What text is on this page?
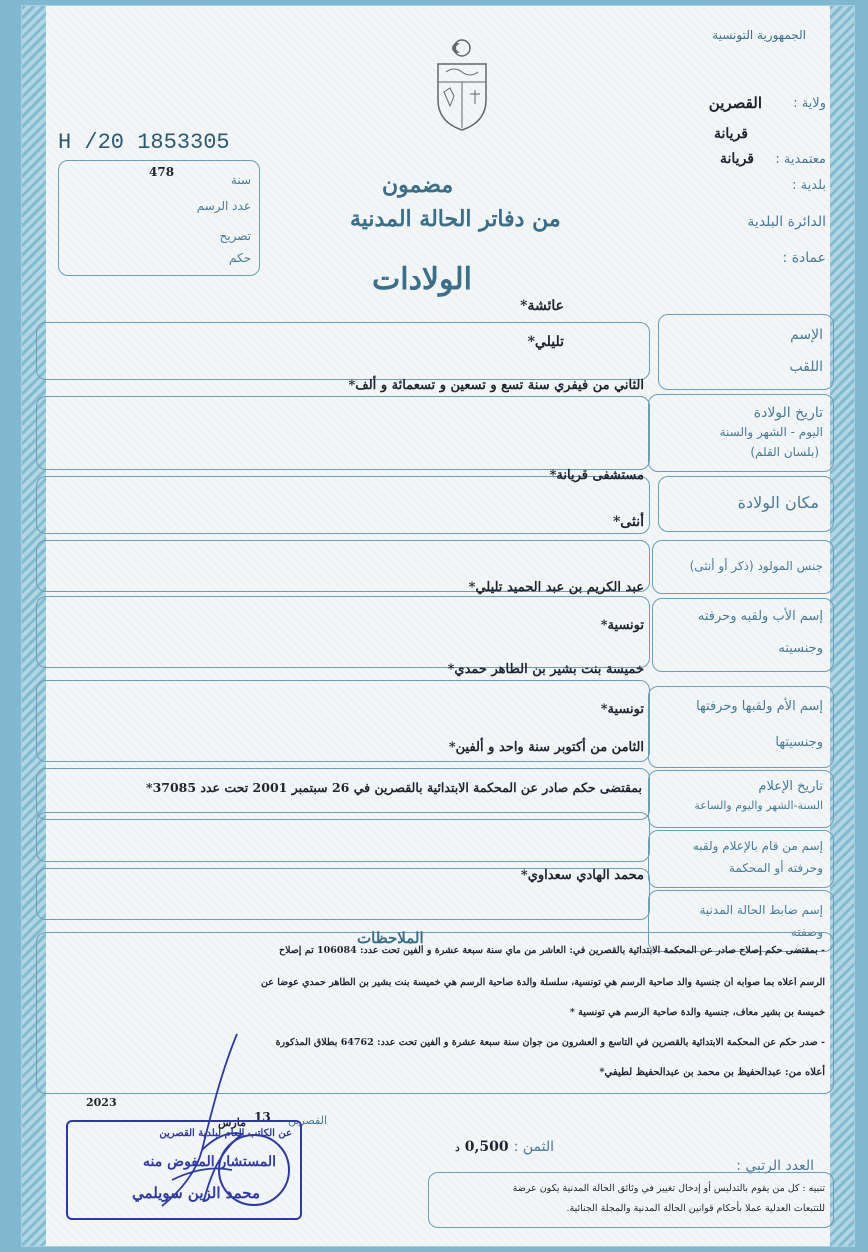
الجمهورية التونسية
ولاية :
القصرين
قريانة
معتمدية :
قريانة
بلدية :
الدائرة البلدية
عمادة :
H /20 1853305
478
سنة
عدد الرسم
تصريح
حكم
مضمون
من دفاتر الحالة المدنية
الولادات
الإسم
اللقب
تاريخ الولادة
اليوم - الشهر والسنة
(بلسان القلم)
مكان الولادة
جنس المولود (ذكر أو أنثى)
إسم الأب ولقبه وحرفته
وجنسيته
إسم الأم ولقبها وحرفتها
وجنسيتها
تاريخ الإعلام
السنة-الشهر واليوم والساعة
إسم من قام بالإعلام ولقبه
وحرفته أو المحكمة
إسم ضابط الحالة المدنية
وصفته
عائشة*
تليلي*
الثاني من فيفري سنة تسع و تسعين و تسعمائة و ألف*
مستشفى قريانة*
أنثى*
عبد الكريم بن عبد الحميد تليلي*
تونسية*
خميسة بنت بشير بن الطاهر حمدي*
تونسية*
الثامن من أكتوبر سنة واحد و ألفين*
بمقتضى حكم صادر عن المحكمة الابتدائية بالقصرين في 26 سبتمبر 2001 تحت عدد 37085*
محمد الهادي سعداوي*
الملاحظات
- بمقتضى حكم إصلاح صادر عن المحكمة الابتدائية بالقصرين في: العاشر من ماي سنة سبعة عشرة و ألفين تحت عدد: 106084 تم إصلاح
الرسم أعلاه بما صوابه أن جنسية والد صاحبة الرسم هي تونسية، سلسلة والدة صاحبة الرسم هي خميسة بنت بشير بن الطاهر حمدي عوضا عن
خميسة بن بشير معاف، جنسية والدة صاحبة الرسم هي تونسية *
- صدر حكم عن المحكمة الابتدائية بالقصرين في التاسع و العشرون من جوان سنة سبعة عشرة و ألفين تحت عدد: 64762 بطلاق المذكورة
أعلاه من: عبدالحفيظ بن محمد بن عبدالحفيظ لطيفي*
2023
13
مارس	القصرين
الثمن : 0,500 د
العدد الرتبي :
تنبيه : كل من يقوم بالتدليس أو إدخال تغيير في وثائق الحالة المدنية يكون عرضة
للتتبعات العدلية عملا بأحكام قوانين الحالة المدنية والمجلة الجنائية.
عن الكاتب العام لبلدية القصرين
المستشار المفوض منه
محمد الزين سويلمي
